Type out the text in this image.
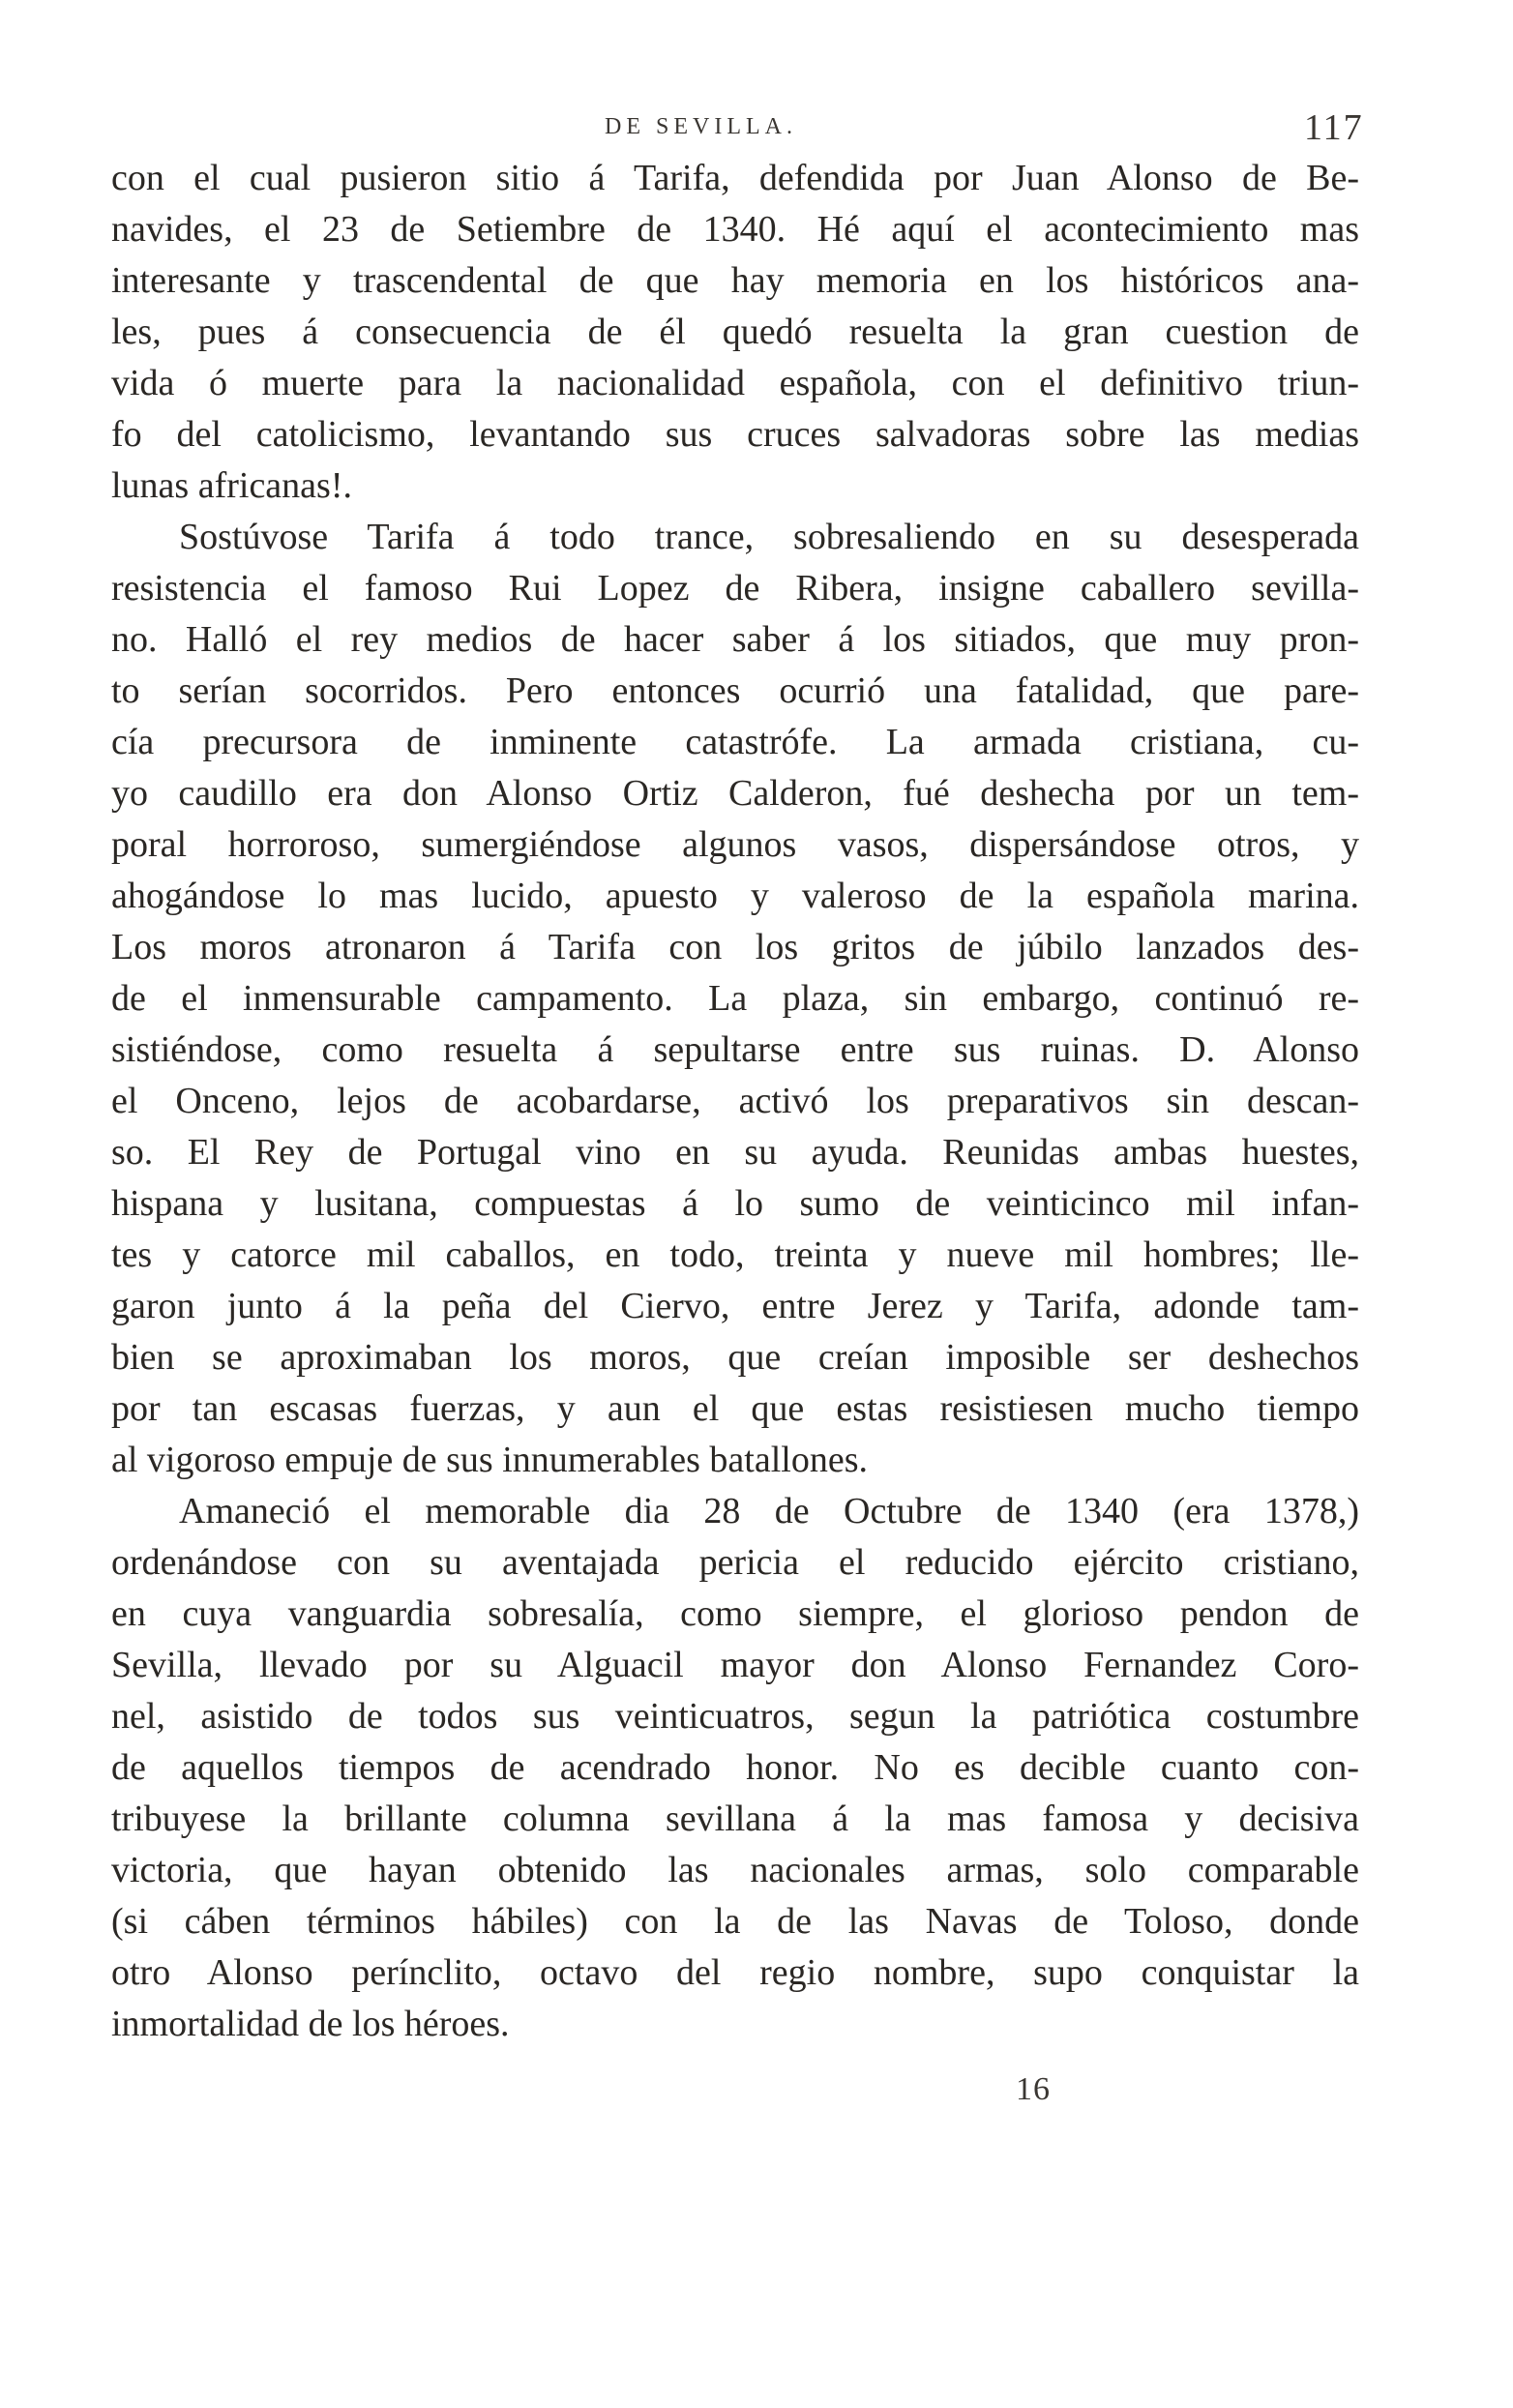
DE SEVILLA.	117
con el cual pusieron sitio á Tarifa, defendida por Juan Alonso de Be-
navides, el 23 de Setiembre de 1340. Hé aquí el acontecimiento mas
interesante y trascendental de que hay memoria en los históricos ana-
les, pues á consecuencia de él quedó resuelta la gran cuestion de
vida ó muerte para la nacionalidad española, con el definitivo triun-
fo del catolicismo, levantando sus cruces salvadoras sobre las medias
lunas africanas!.
Sostúvose Tarifa á todo trance, sobresaliendo en su desesperada
resistencia el famoso Rui Lopez de Ribera, insigne caballero sevilla-
no. Halló el rey medios de hacer saber á los sitiados, que muy pron-
to serían socorridos. Pero entonces ocurrió una fatalidad, que pare-
cía precursora de inminente catastrófe. La armada cristiana, cu-
yo caudillo era don Alonso Ortiz Calderon, fué deshecha por un tem-
poral horroroso, sumergiéndose algunos vasos, dispersándose otros, y
ahogándose lo mas lucido, apuesto y valeroso de la española marina.
Los moros atronaron á Tarifa con los gritos de júbilo lanzados des-
de el inmensurable campamento. La plaza, sin embargo, continuó re-
sistiéndose, como resuelta á sepultarse entre sus ruinas. D. Alonso
el Onceno, lejos de acobardarse, activó los preparativos sin descan-
so. El Rey de Portugal vino en su ayuda. Reunidas ambas huestes,
hispana y lusitana, compuestas á lo sumo de veinticinco mil infan-
tes y catorce mil caballos, en todo, treinta y nueve mil hombres; lle-
garon junto á la peña del Ciervo, entre Jerez y Tarifa, adonde tam-
bien se aproximaban los moros, que creían imposible ser deshechos
por tan escasas fuerzas, y aun el que estas resistiesen mucho tiempo
al vigoroso empuje de sus innumerables batallones.
Amaneció el memorable dia 28 de Octubre de 1340 (era 1378,)
ordenándose con su aventajada pericia el reducido ejército cristiano,
en cuya vanguardia sobresalía, como siempre, el glorioso pendon de
Sevilla, llevado por su Alguacil mayor don Alonso Fernandez Coro-
nel, asistido de todos sus veinticuatros, segun la patriótica costumbre
de aquellos tiempos de acendrado honor. No es decible cuanto con-
tribuyese la brillante columna sevillana á la mas famosa y decisiva
victoria, que hayan obtenido las nacionales armas, solo comparable
(si cáben términos hábiles) con la de las Navas de Toloso, donde
otro Alonso perínclito, octavo del regio nombre, supo conquistar la
inmortalidad de los héroes.
16
